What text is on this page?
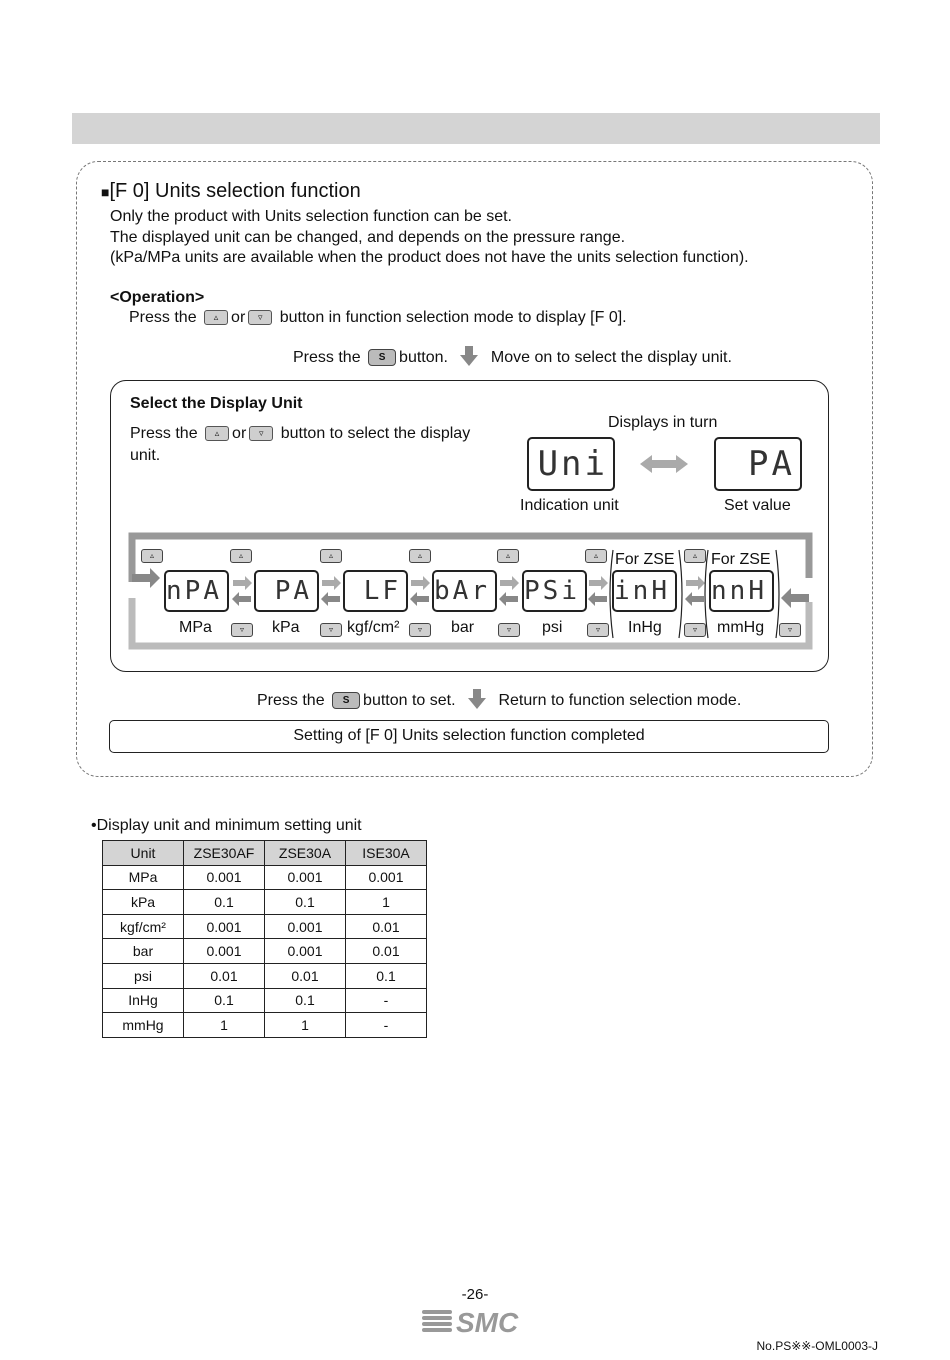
■[F 0] Units selection function
Only the product with Units selection function can be set.
The displayed unit can be changed, and depends on the pressure range.
(kPa/MPa units are available when the product does not have the units selection function).
<Operation>
Press the ▵ or ▿ button in function selection mode to display [F 0].
Press the S button.	Move on to select the display unit.
Select the Display Unit
Press the ▵ or ▿ button to select the display
unit.
Displays in turn
Uni	PA
Indication unit	Set value
▵	▵	▵	▵	▵	▵	▵
For ZSE For ZSE
nPA	PA	LF bAr PSi inH nnH
MPa	kPa	kgf/cm²	bar	psi	InHg	mmHg
▿	▿	▿	▿	▿	▿	▿
Press the S button to set.	Return to function selection mode.
Setting of [F 0] Units selection function completed
•Display unit and minimum setting unit
Unit	ZSE30AF	ZSE30A	ISE30A
MPa	0.001	0.001	0.001
kPa	0.1	0.1	1
kgf/cm²	0.001	0.001	0.01
bar	0.001	0.001	0.01
psi	0.01	0.01	0.1
InHg	0.1	0.1	-
mmHg	1	1	-
-26-
SMC
No.PS※※-OML0003-J
